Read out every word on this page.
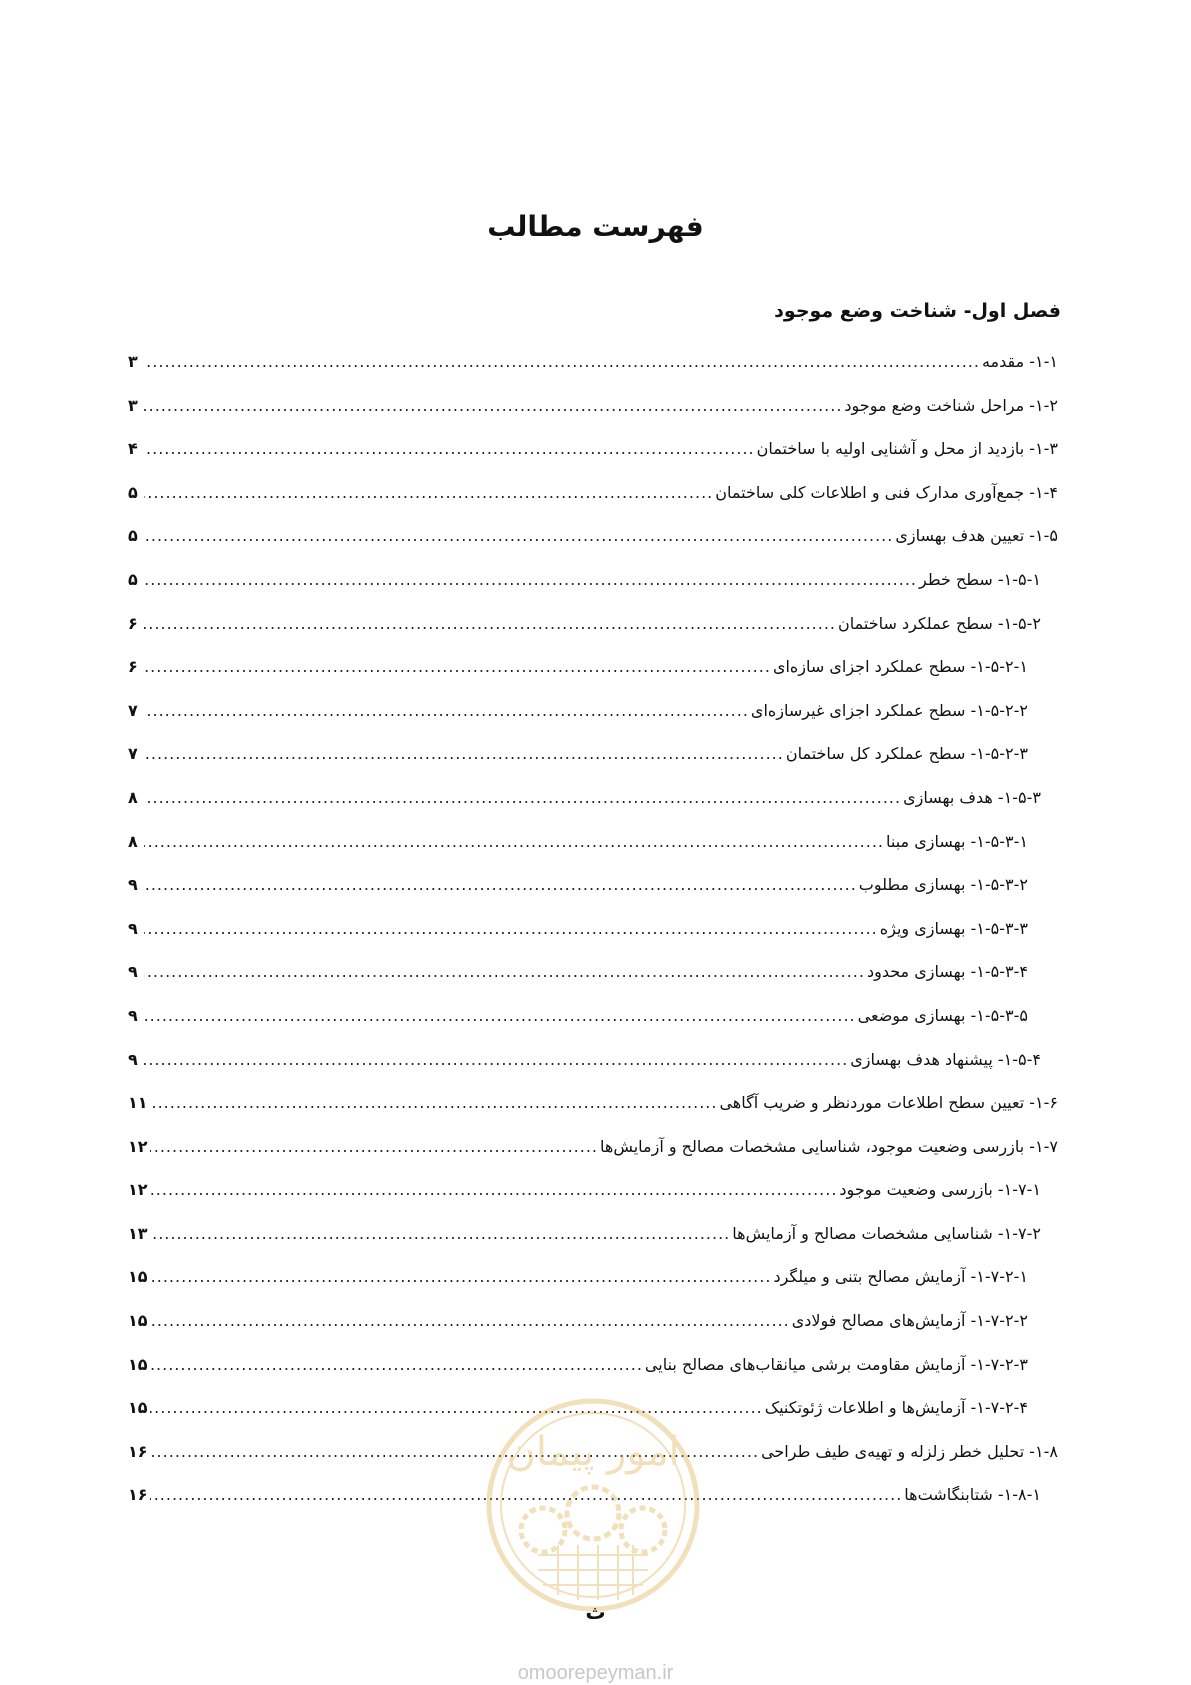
فهرست مطالب
فصل اول- شناخت وضع موجود
۱-۱- مقدمه
.....
۳
۱-۲- مراحل شناخت وضع موجود
.....
۳
۱-۳- بازدید از محل و آشنایی اولیه با ساختمان
.....
۴
۱-۴- جمع‌آوری مدارک فنی و اطلاعات کلی ساختمان
.....
۵
۱-۵- تعیین هدف بهسازی
.....
۵
۱-۵-۱- سطح خطر
.....
۵
۱-۵-۲- سطح عملکرد ساختمان
.....
۶
۱-۵-۲-۱- سطح عملکرد اجزای سازه‌ای
.....
۶
۱-۵-۲-۲- سطح عملکرد اجزای غیرسازه‌ای
.....
۷
۱-۵-۲-۳- سطح عملکرد کل ساختمان
.....
۷
۱-۵-۳- هدف بهسازی
.....
۸
۱-۵-۳-۱- بهسازی مبنا
.....
۸
۱-۵-۳-۲- بهسازی مطلوب
.....
۹
۱-۵-۳-۳- بهسازی ویژه
.....
۹
۱-۵-۳-۴- بهسازی محدود
.....
۹
۱-۵-۳-۵- بهسازی موضعی
.....
۹
۱-۵-۴- پیشنهاد هدف بهسازی
.....
۹
۱-۶- تعیین سطح اطلاعات موردنظر و ضریب آگاهی
.....
۱۱
۱-۷- بازرسی وضعیت موجود، شناسایی مشخصات مصالح و آزمایش‌ها
.....
۱۲
۱-۷-۱- بازرسی وضعیت موجود
.....
۱۲
۱-۷-۲- شناسایی مشخصات مصالح و آزمایش‌ها
.....
۱۳
۱-۷-۲-۱- آزمایش مصالح بتنی و میلگرد
.....
۱۵
۱-۷-۲-۲- آزمایش‌های مصالح فولادی
.....
۱۵
۱-۷-۲-۳- آزمایش مقاومت برشی میانقاب‌های مصالح بنایی
.....
۱۵
۱-۷-۲-۴- آزمایش‌ها و اطلاعات ژئوتکنیک
.....
۱۵
۱-۸- تحلیل خطر زلزله و تهیه‌ی طیف طراحی
.....
۱۶
۱-۸-۱- شتابنگاشت‌ها
.....
۱۶
امور پیمان
ث
omoorepeyman.ir
